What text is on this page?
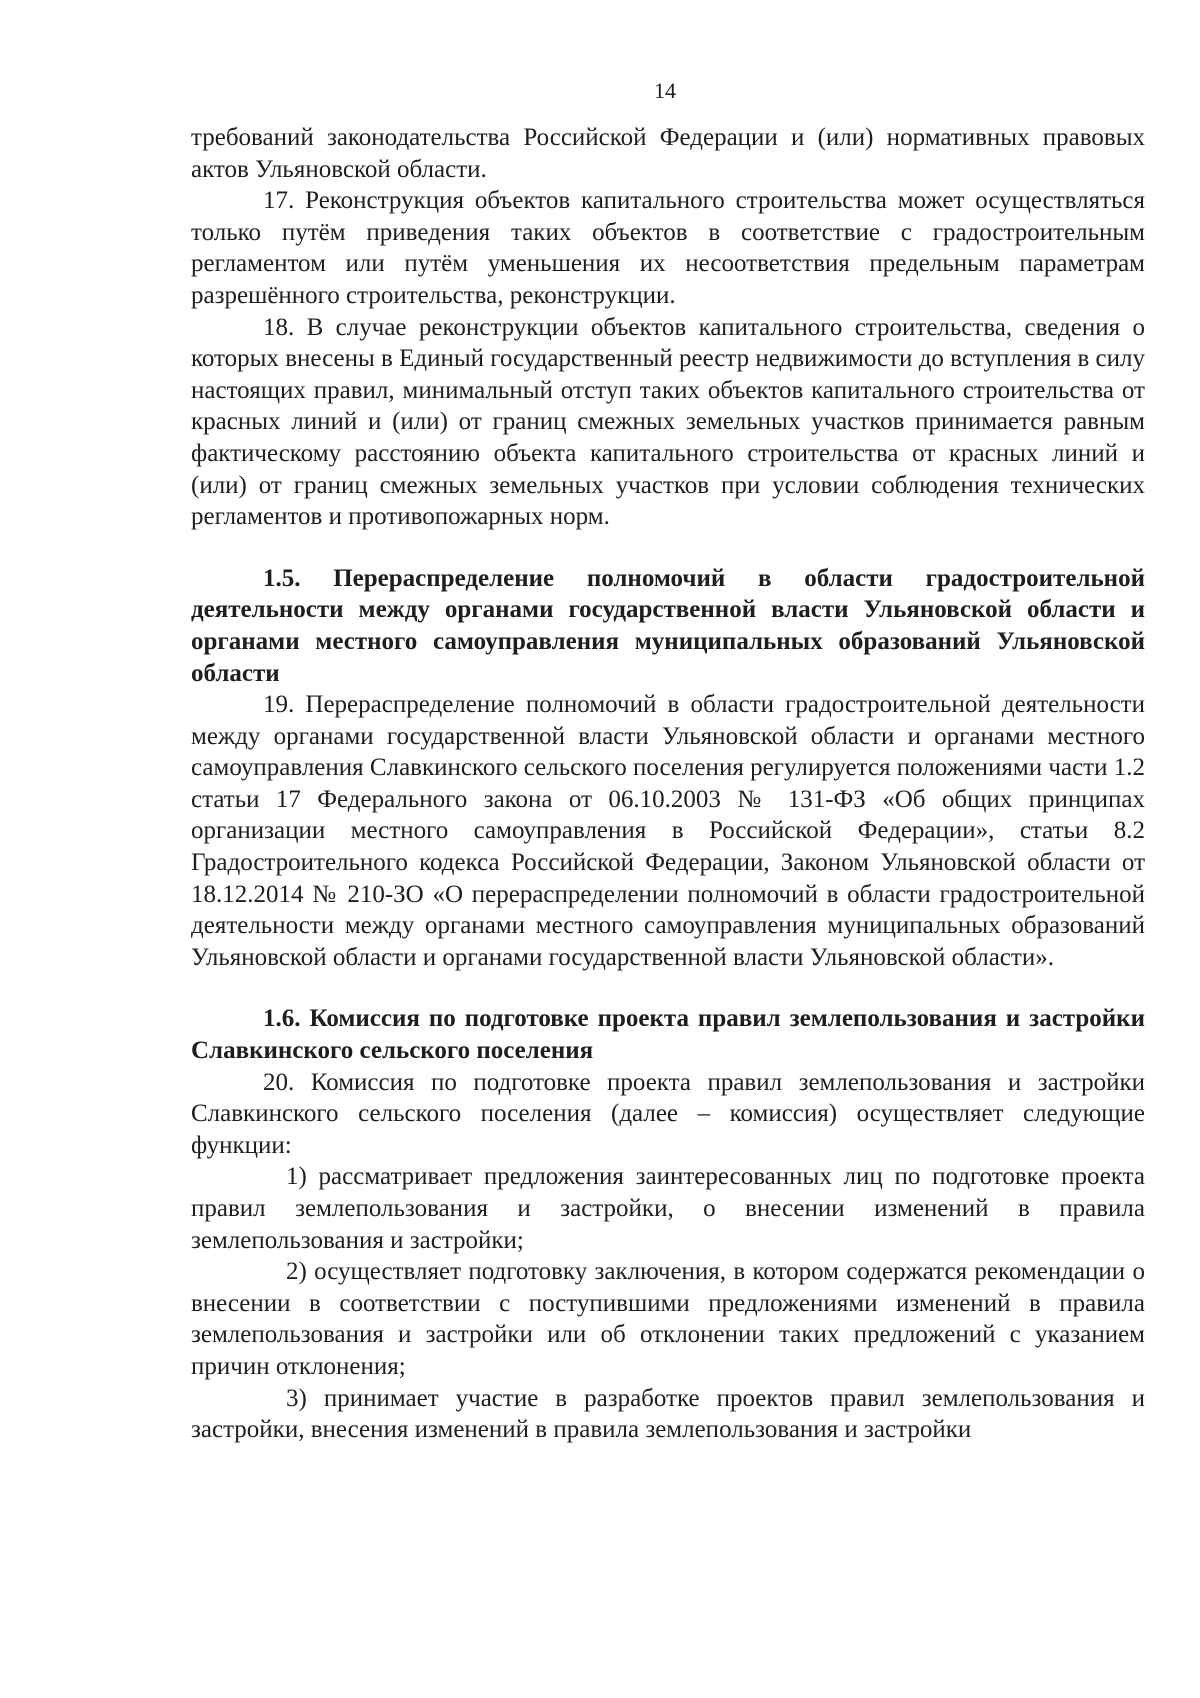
14

требований законодательства Российской Федерации и (или) нормативных правовых актов Ульяновской области.

17. Реконструкция объектов капитального строительства может осуществляться только путём приведения таких объектов в соответствие с градостроительным регламентом или путём уменьшения их несоответствия предельным параметрам разрешённого строительства, реконструкции.

18. В случае реконструкции объектов капитального строительства, сведения о которых внесены в Единый государственный реестр недвижимости до вступления в силу настоящих правил, минимальный отступ таких объектов капитального строительства от красных линий и (или) от границ смежных земельных участков принимается равным фактическому расстоянию объекта капитального строительства от красных линий и (или) от границ смежных земельных участков при условии соблюдения технических регламентов и противопожарных норм.

1.5. Перераспределение полномочий в области градостроительной деятельности между органами государственной власти Ульяновской области и органами местного самоуправления муниципальных образований Ульяновской области

19. Перераспределение полномочий в области градостроительной деятельности между органами государственной власти Ульяновской области и органами местного самоуправления Славкинского сельского поселения регулируется положениями части 1.2 статьи 17 Федерального закона от 06.10.2003 № 131-ФЗ «Об общих принципах организации местного самоуправления в Российской Федерации», статьи 8.2 Градостроительного кодекса Российской Федерации, Законом Ульяновской области от 18.12.2014 № 210-ЗО «О перераспределении полномочий в области градостроительной деятельности между органами местного самоуправления муниципальных образований Ульяновской области и органами государственной власти Ульяновской области».

1.6. Комиссия по подготовке проекта правил землепользования и застройки Славкинского сельского поселения

20. Комиссия по подготовке проекта правил землепользования и застройки Славкинского сельского поселения (далее – комиссия) осуществляет следующие функции:

1) рассматривает предложения заинтересованных лиц по подготовке проекта правил землепользования и застройки, о внесении изменений в правила землепользования и застройки;

2) осуществляет подготовку заключения, в котором содержатся рекомендации о внесении в соответствии с поступившими предложениями изменений в правила землепользования и застройки или об отклонении таких предложений с указанием причин отклонения;

3) принимает участие в разработке проектов правил землепользования и застройки, внесения изменений в правила землепользования и застройки
